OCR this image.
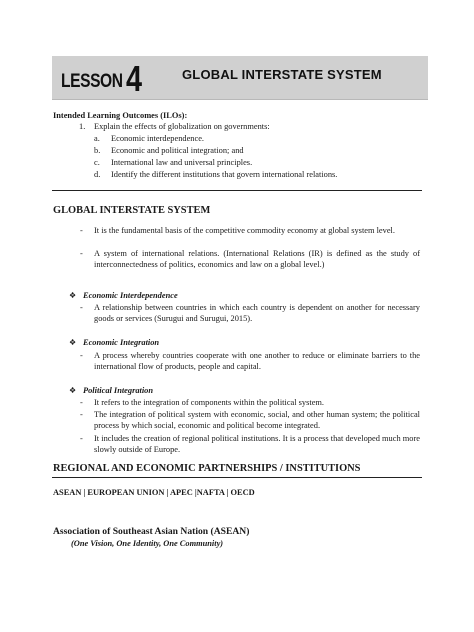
LESSON 4	GLOBAL INTERSTATE SYSTEM
Intended Learning Outcomes (ILOs):
1. Explain the effects of globalization on governments:
a. Economic interdependence.
b. Economic and political integration; and
c. International law and universal principles.
d. Identify the different institutions that govern international relations.
GLOBAL INTERSTATE SYSTEM
- It is the fundamental basis of the competitive commodity economy at global system level.
- A system of international relations. (International Relations (IR) is defined as the study of interconnectedness of politics, economics and law on a global level.)
❖ Economic Interdependence
- A relationship between countries in which each country is dependent on another for necessary goods or services (Surugui and Surugui, 2015).
❖ Economic Integration
- A process whereby countries cooperate with one another to reduce or eliminate barriers to the international flow of products, people and capital.
❖ Political Integration
- It refers to the integration of components within the political system.
- The integration of political system with economic, social, and other human system; the political process by which social, economic and political become integrated.
- It includes the creation of regional political institutions. It is a process that developed much more slowly outside of Europe.
REGIONAL AND ECONOMIC PARTNERSHIPS / INSTITUTIONS
ASEAN | EUROPEAN UNION | APEC |NAFTA | OECD
Association of Southeast Asian Nation (ASEAN)
(One Vision, One Identity, One Community)
